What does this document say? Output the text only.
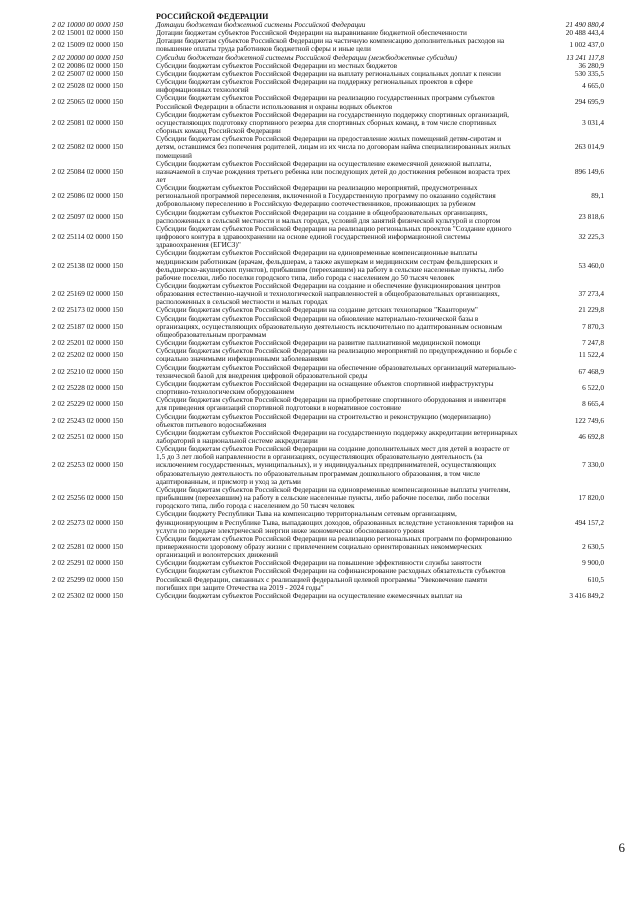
	РОССИЙСКОЙ ФЕДЕРАЦИИ	
2 02 10000 00 0000 150	Дотации бюджетам бюджетной системы Российской Федерации	21 490 880,4
2 02 15001 02 0000 150	Дотации бюджетам субъектов Российской Федерации на выравнивание бюджетной обеспеченности	20 488 443,4
2 02 15009 02 0000 150	Дотации бюджетам субъектов Российской Федерации на частичную компенсацию дополнительных расходов на повышение оплаты труда работников бюджетной сферы и иные цели	1 002 437,0
2 02 20000 00 0000 150	Субсидии бюджетам бюджетной системы Российской Федерации (межбюджетные субсидии)	13 241 117,8
2 02 20086 02 0000 150	Субсидии бюджетам субъектов Российской Федерации из местных бюджетов	36 280,9
2 02 25007 02 0000 150	Субсидии бюджетам субъектов Российской Федерации на выплату региональных социальных доплат к пенсии	530 335,5
2 02 25028 02 0000 150	Субсидии бюджетам субъектов Российской Федерации на поддержку региональных проектов в сфере информационных технологий	4 665,0
2 02 25065 02 0000 150	Субсидии бюджетам субъектов Российской Федерации на реализацию государственных программ субъектов Российской Федерации в области использования и охраны водных объектов	294 695,9
2 02 25081 02 0000 150	Субсидии бюджетам субъектов Российской Федерации на государственную поддержку спортивных организаций, осуществляющих подготовку спортивного резерва для спортивных сборных команд, в том числе спортивных сборных команд Российской Федерации	3 031,4
2 02 25082 02 0000 150	Субсидии бюджетам субъектов Российской Федерации на предоставление жилых помещений детям-сиротам и детям, оставшимся без попечения родителей, лицам из их числа по договорам найма специализированных жилых помещений	263 014,9
2 02 25084 02 0000 150	Субсидии бюджетам субъектов Российской Федерации на осуществление ежемесячной денежной выплаты, назначаемой в случае рождения третьего ребенка или последующих детей до достижения ребенком возраста трех лет	896 149,6
2 02 25086 02 0000 150	Субсидии бюджетам субъектов Российской Федерации на реализацию мероприятий, предусмотренных региональной программой переселения, включенной в Государственную программу по оказанию содействия добровольному переселению в Российскую Федерацию соотечественников, проживающих за рубежом	89,1
2 02 25097 02 0000 150	Субсидии бюджетам субъектов Российской Федерации на создание в общеобразовательных организациях, расположенных в сельской местности и малых городах, условий для занятий физической культурой и спортом	23 818,6
2 02 25114 02 0000 150	Субсидии бюджетам субъектов Российской Федерации на реализацию региональных проектов "Создание единого цифрового контура в здравоохранении на основе единой государственной информационной системы здравоохранения (ЕГИСЗ)"	32 225,3
2 02 25138 02 0000 150	Субсидии бюджетам субъектов Российской Федерации на единовременные компенсационные выплаты медицинским работникам (врачам, фельдшерам, а также акушеркам и медицинским сестрам фельдшерских и фельдшерско-акушерских пунктов), прибывшим (переехавшим) на работу в сельские населенные пункты, либо рабочие поселки, либо поселки городского типа, либо города с населением до 50 тысяч человек	53 460,0
2 02 25169 02 0000 150	Субсидии бюджетам субъектов Российской Федерации на создание и обеспечение функционирования центров образования естественно-научной и технологической направленностей в общеобразовательных организациях, расположенных в сельской местности и малых городах	37 273,4
2 02 25173 02 0000 150	Субсидии бюджетам субъектов Российской Федерации на создание детских технопарков "Кванториум"	21 229,8
2 02 25187 02 0000 150	Субсидии бюджетам субъектов Российской Федерации на обновление материально-технической базы в организациях, осуществляющих образовательную деятельность исключительно по адаптированным основным общеобразовательным программам	7 870,3
2 02 25201 02 0000 150	Субсидии бюджетам субъектов Российской Федерации на развитие паллиативной медицинской помощи	7 247,8
2 02 25202 02 0000 150	Субсидии бюджетам субъектов Российской Федерации на реализацию мероприятий по предупреждению и борьбе с социально значимыми инфекционными заболеваниями	11 522,4
2 02 25210 02 0000 150	Субсидии бюджетам субъектов Российской Федерации на обеспечение образовательных организаций материально-технической базой для внедрения цифровой образовательной среды	67 468,9
2 02 25228 02 0000 150	Субсидии бюджетам субъектов Российской Федерации на оснащение объектов спортивной инфраструктуры спортивно-технологическим оборудованием	6 522,0
2 02 25229 02 0000 150	Субсидии бюджетам субъектов Российской Федерации на приобретение спортивного оборудования и инвентаря для приведения организаций спортивной подготовки в нормативное состояние	8 665,4
2 02 25243 02 0000 150	Субсидии бюджетам субъектов Российской Федерации на строительство и реконструкцию (модернизацию) объектов питьевого водоснабжения	122 749,6
2 02 25251 02 0000 150	Субсидии бюджетам субъектов Российской Федерации на государственную поддержку аккредитации ветеринарных лабораторий в национальной системе аккредитации	46 692,8
2 02 25253 02 0000 150	Субсидии бюджетам субъектов Российской Федерации на создание дополнительных мест для детей в возрасте от 1,5 до 3 лет любой направленности в организациях, осуществляющих образовательную деятельность (за исключением государственных, муниципальных), и у индивидуальных предпринимателей, осуществляющих образовательную деятельность по образовательным программам дошкольного образования, в том числе адаптированным, и присмотр и уход за детьми	7 330,0
2 02 25256 02 0000 150	Субсидии бюджетам субъектов Российской Федерации на единовременные компенсационные выплаты учителям, прибывшим (переехавшим) на работу в сельские населенные пункты, либо рабочие поселки, либо поселки городского типа, либо города с населением до 50 тысяч человек	17 820,0
2 02 25273 02 0000 150	Субсидии бюджету Республики Тыва на компенсацию территориальным сетевым организациям, функционирующим в Республике Тыва, выпадающих доходов, образованных вследствие установления тарифов на услуги по передаче электрической энергии ниже экономически обоснованного уровня	494 157,2
2 02 25281 02 0000 150	Субсидии бюджетам субъектов Российской Федерации на реализацию региональных программ по формированию приверженности здоровому образу жизни с привлечением социально ориентированных некоммерческих организаций и волонтерских движений	2 630,5
2 02 25291 02 0000 150	Субсидии бюджетам субъектов Российской Федерации на повышение эффективности службы занятости	9 900,0
2 02 25299 02 0000 150	Субсидии бюджетам субъектов Российской Федерации на софинансирование расходных обязательств субъектов Российской Федерации, связанных с реализацией федеральной целевой программы "Увековечение памяти погибших при защите Отечества на 2019 - 2024 годы"	610,5
2 02 25302 02 0000 150	Субсидии бюджетам субъектов Российской Федерации на осуществление ежемесячных выплат на	3 416 849,2
6
